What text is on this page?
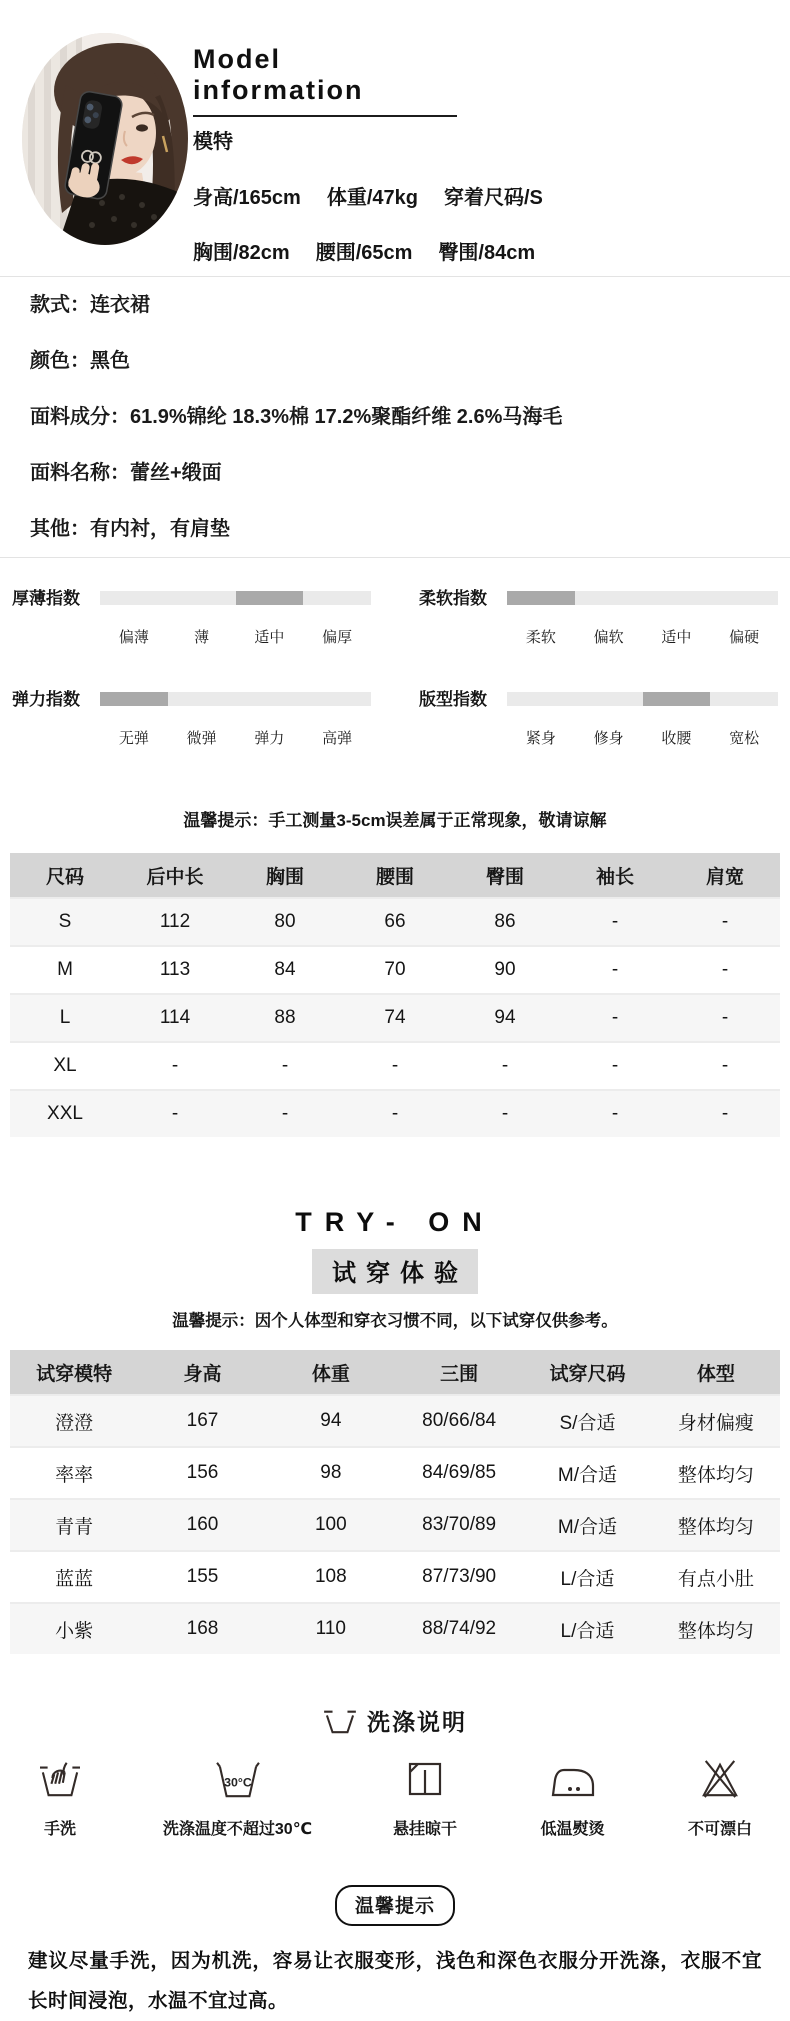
Model information
模特
身高/165cm 体重/47kg 穿着尺码/S
胸围/82cm 腰围/65cm 臀围/84cm
款式：连衣裙
颜色：黑色
面料成分：61.9%锦纶 18.3%棉 17.2%聚酯纤维 2.6%马海毛
面料名称：蕾丝+缎面
其他：有内衬，有肩垫
厚薄指数
偏薄	薄	适中	偏厚
柔软指数
柔软	偏软	适中	偏硬
弹力指数
无弹	微弹	弹力	高弹
版型指数
紧身	修身	收腰	宽松
温馨提示：手工测量3-5cm误差属于正常现象，敬请谅解
尺码	后中长	胸围	腰围	臀围	袖长	肩宽
S	112	80	66	86	-	-
M	113	84	70	90	-	-
L	114	88	74	94	-	-
XL	-	-	-	-	-	-
XXL	-	-	-	-	-	-
TRY- ON
试穿体验
温馨提示：因个人体型和穿衣习惯不同，以下试穿仅供参考。
试穿模特	身高	体重	三围	试穿尺码	体型
澄澄	167	94	80/66/84	S/合适	身材偏瘦
率率	156	98	84/69/85	M/合适	整体均匀
青青	160	100	83/70/89	M/合适	整体均匀
蓝蓝	155	108	87/73/90	L/合适	有点小肚
小紫	168	110	88/74/92	L/合适	整体均匀
洗涤说明
手洗
30°C
洗涤温度不超过30℃	悬挂晾干	低温熨烫	不可漂白
温馨提示
建议尽量手洗，因为机洗，容易让衣服变形，浅色和深色衣服分开洗涤，衣服不宜长时间浸泡，水温不宜过高。
